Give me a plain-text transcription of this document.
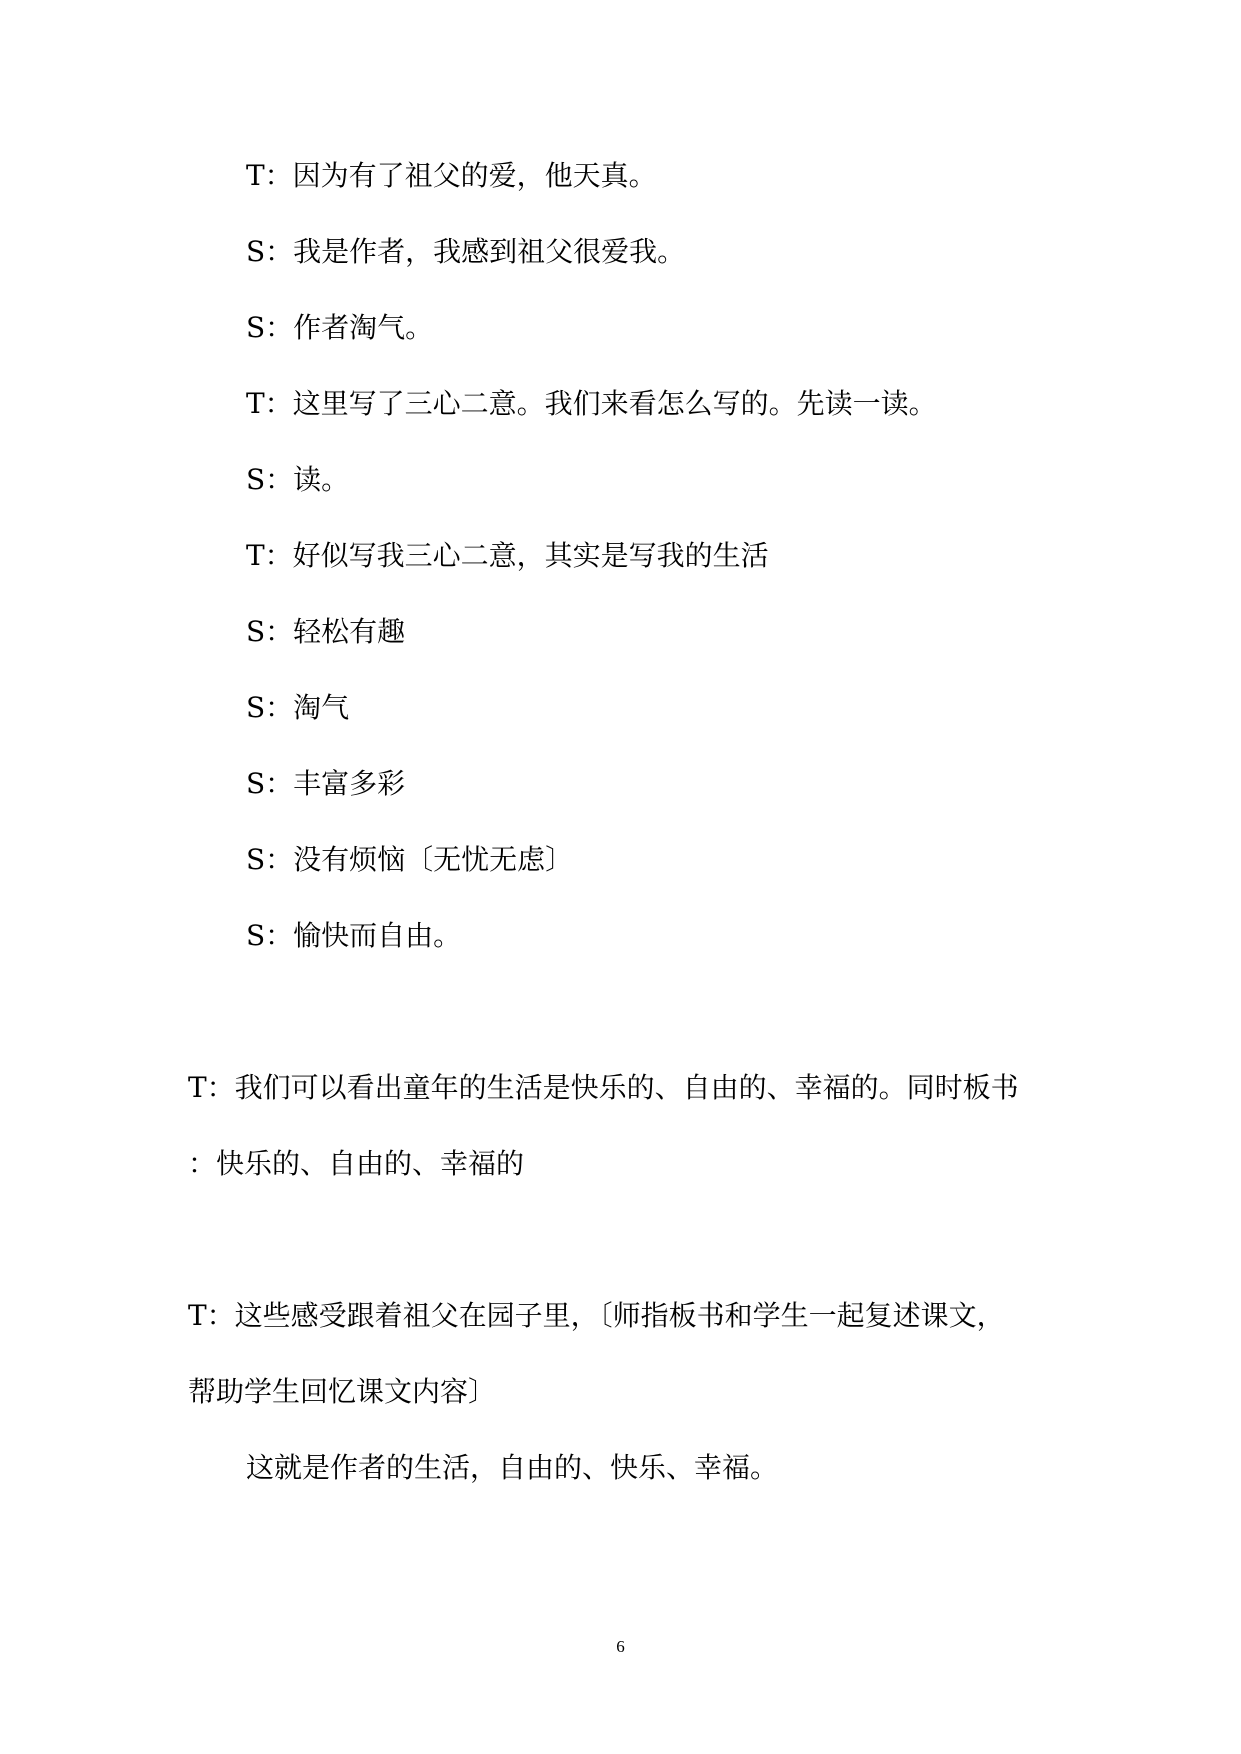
T：因为有了祖父的爱，他天真。

S：我是作者，我感到祖父很爱我。

S：作者淘气。

T：这里写了三心二意。我们来看怎么写的。先读一读。

S：读。

T：好似写我三心二意，其实是写我的生活

S：轻松有趣

S：淘气

S：丰富多彩

S：没有烦恼〔无忧无虑〕

S：愉快而自由。

T：我们可以看出童年的生活是快乐的、自由的、幸福的。同时板书

：快乐的、自由的、幸福的

T：这些感受跟着祖父在园子里，〔师指板书和学生一起复述课文，

帮助学生回忆课文内容〕

这就是作者的生活，自由的、快乐、幸福。

6
